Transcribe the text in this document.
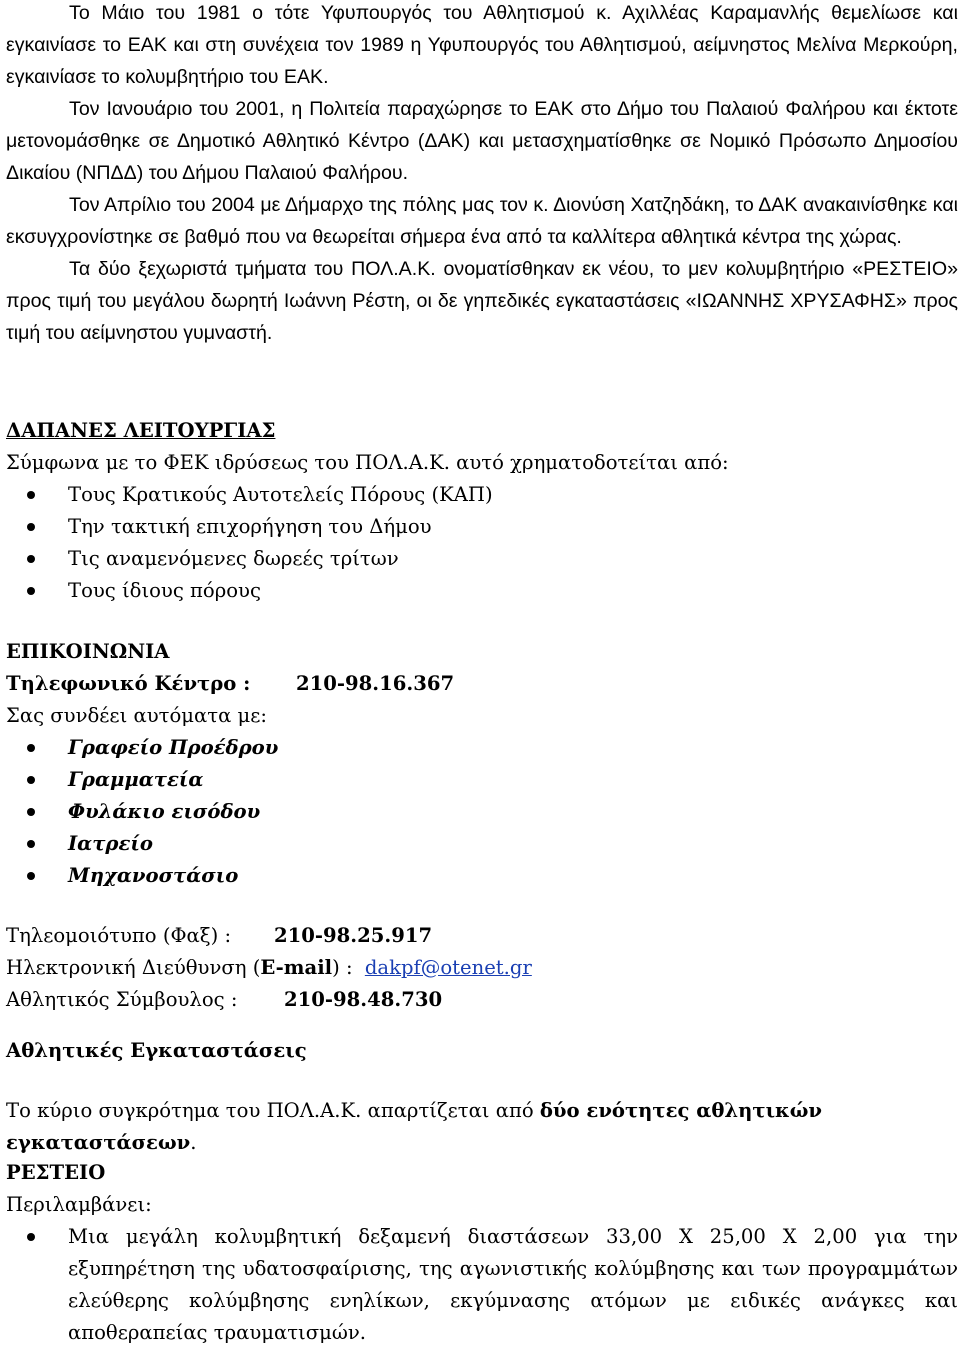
Το Μάιο του 1981 ο τότε Υφυπουργός του Αθλητισμού κ. Αχιλλέας Καραμανλής θεμελίωσε και εγκαινίασε το ΕΑΚ και στη συνέχεια τον 1989 η Υφυπουργός του Αθλητισμού, αείμνηστος Μελίνα Μερκούρη, εγκαινίασε το κολυμβητήριο του ΕΑΚ.

Τον Ιανουάριο του 2001, η Πολιτεία παραχώρησε το ΕΑΚ στο Δήμο του Παλαιού Φαλήρου και έκτοτε μετονομάσθηκε σε Δημοτικό Αθλητικό Κέντρο (ΔΑΚ) και μετασχηματίσθηκε σε Νομικό Πρόσωπο Δημοσίου Δικαίου (ΝΠΔΔ) του Δήμου Παλαιού Φαλήρου.

Τον Απρίλιο του 2004 με Δήμαρχο της πόλης μας τον κ. Διονύση Χατζηδάκη, το ΔΑΚ ανακαινίσθηκε και εκσυγχρονίστηκε σε βαθμό που να θεωρείται σήμερα ένα από τα καλλίτερα αθλητικά κέντρα της χώρας.

Τα δύο ξεχωριστά τμήματα του ΠΟΛ.Α.Κ. ονοματίσθηκαν εκ νέου, το μεν κολυμβητήριο «ΡΕΣΤΕΙΟ» προς τιμή του μεγάλου δωρητή Ιωάννη Ρέστη, οι δε γηπεδικές εγκαταστάσεις «ΙΩΑΝΝΗΣ ΧΡΥΣΑΦΗΣ» προς τιμή του αείμνηστου γυμναστή.

ΔΑΠΑΝΕΣ ΛΕΙΤΟΥΡΓΙΑΣ
Σύμφωνα με το ΦΕΚ ιδρύσεως του ΠΟΛ.Α.Κ. αυτό χρηματοδοτείται από:
Τους Κρατικούς Αυτοτελείς Πόρους (ΚΑΠ)
Την τακτική επιχορήγηση του Δήμου
Τις αναμενόμενες δωρεές τρίτων
Τους ίδιους πόρους
ΕΠΙΚΟΙΝΩΝΙΑ
Τηλεφωνικό Κέντρο : 210-98.16.367
Σας συνδέει αυτόματα με:
Γραφείο Προέδρου
Γραμματεία
Φυλάκιο εισόδου
Ιατρείο
Μηχανοστάσιο
Τηλεομοιότυπο (Φαξ) : 210-98.25.917
Ηλεκτρονική Διεύθυνση (E-mail) : dakpf@otenet.gr
Αθλητικός Σύμβουλος : 210-98.48.730
Αθλητικές Εγκαταστάσεις
Το κύριο συγκρότημα του ΠΟΛ.Α.Κ. απαρτίζεται από δύο ενότητες αθλητικών εγκαταστάσεων.
ΡΕΣΤΕΙΟ
Περιλαμβάνει:
Μια μεγάλη κολυμβητική δεξαμενή διαστάσεων 33,00 Χ 25,00 Χ 2,00 για την εξυπηρέτηση της υδατοσφαίρισης, της αγωνιστικής κολύμβησης και των προγραμμάτων ελεύθερης κολύμβησης ενηλίκων, εκγύμνασης ατόμων με ειδικές ανάγκες και αποθεραπείας τραυματισμών.
